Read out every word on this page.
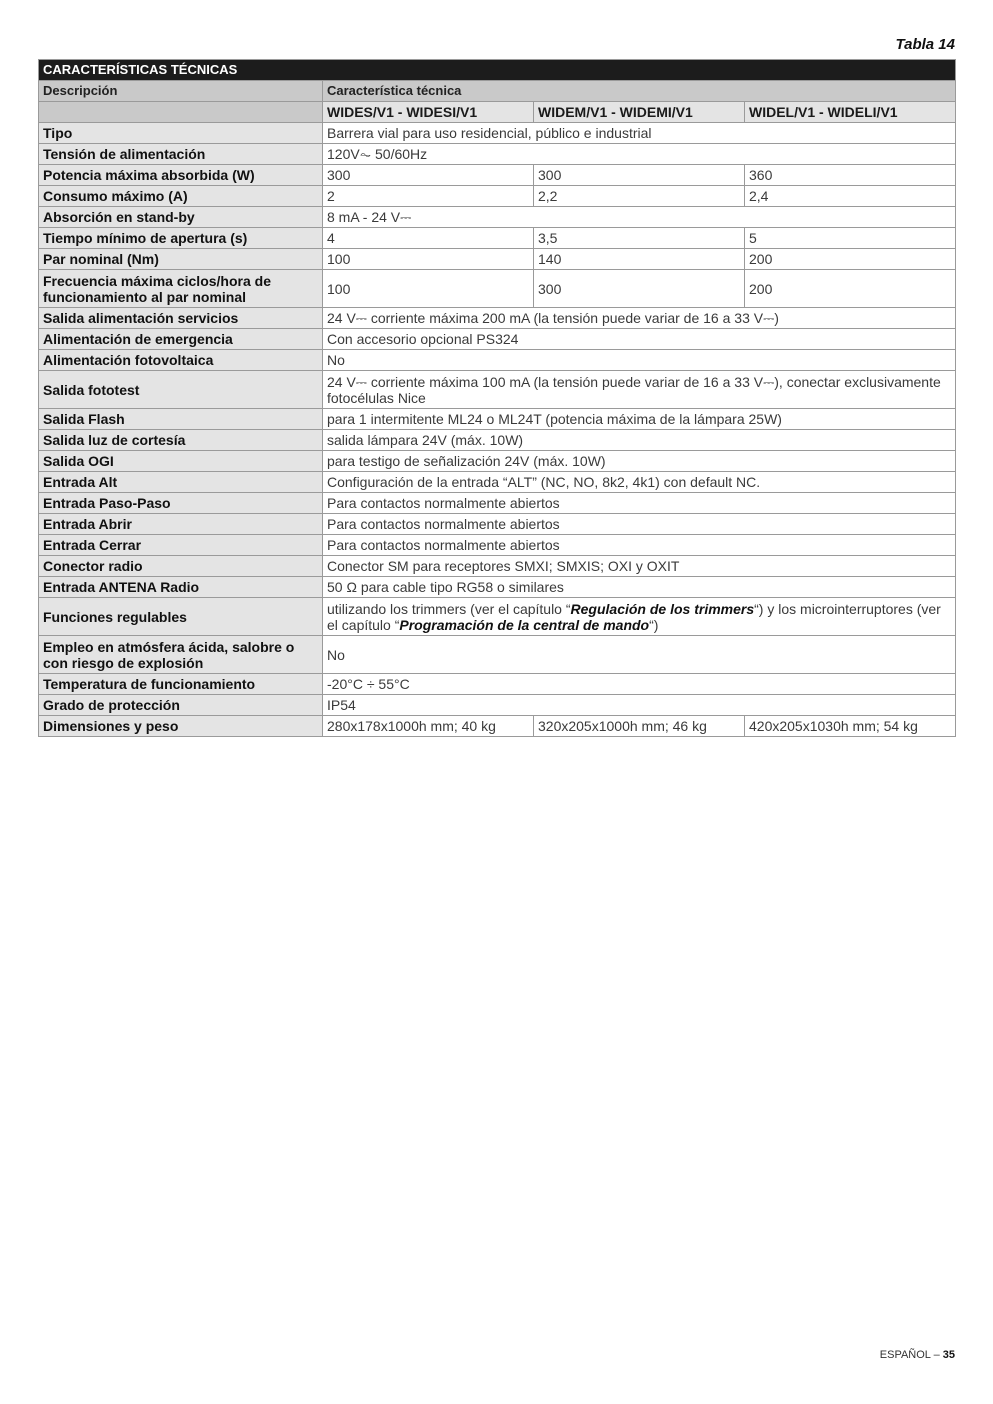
Tabla 14
CARACTERÍSTICAS TÉCNICAS			
Descripción	Característica técnica		
	WIDES/V1 - WIDESI/V1	WIDEM/V1 - WIDEMI/V1	WIDEL/V1 - WIDELI/V1
Tipo	Barrera vial para uso residencial, público e industrial		
Tensión de alimentación	120V⏦ 50/60Hz		
Potencia máxima absorbida (W)	300	300	360
Consumo máximo (A)	2	2,2	2,4
Absorción en stand-by	8 mA - 24 V⎓		
Tiempo mínimo de apertura (s)	4	3,5	5
Par nominal (Nm)	100	140	200
Frecuencia máxima ciclos/hora de funcionamiento al par nominal	100	300	200
Salida alimentación servicios	24 V⎓ corriente máxima 200 mA (la tensión puede variar de 16 a 33 V⎓)		
Alimentación de emergencia	Con accesorio opcional PS324		
Alimentación fotovoltaica	No		
Salida fototest	24 V⎓ corriente máxima 100 mA (la tensión puede variar de 16 a 33 V⎓), conectar exclusivamente fotocélulas Nice		
Salida Flash	para 1 intermitente ML24 o ML24T (potencia máxima de la lámpara 25W)		
Salida luz de cortesía	salida lámpara 24V (máx. 10W)		
Salida OGI	para testigo de señalización 24V (máx. 10W)		
Entrada Alt	Configuración de la entrada “ALT” (NC, NO, 8k2, 4k1) con default NC.		
Entrada Paso-Paso	Para contactos normalmente abiertos		
Entrada Abrir	Para contactos normalmente abiertos		
Entrada Cerrar	Para contactos normalmente abiertos		
Conector radio	Conector SM para receptores SMXI; SMXIS; OXI y OXIT		
Entrada ANTENA Radio	50 Ω para cable tipo RG58 o similares		
Funciones regulables	utilizando los trimmers (ver el capítulo “Regulación de los trimmers“) y los microinterruptores (ver el capítulo “Programación de la central de mando“)		
Empleo en atmósfera ácida, salobre o con riesgo de explosión	No		
Temperatura de funcionamiento	-20°C ÷ 55°C		
Grado de protección	IP54		
Dimensiones y peso	280x178x1000h mm; 40 kg	320x205x1000h mm; 46 kg	420x205x1030h mm; 54 kg
ESPAÑOL – 35
